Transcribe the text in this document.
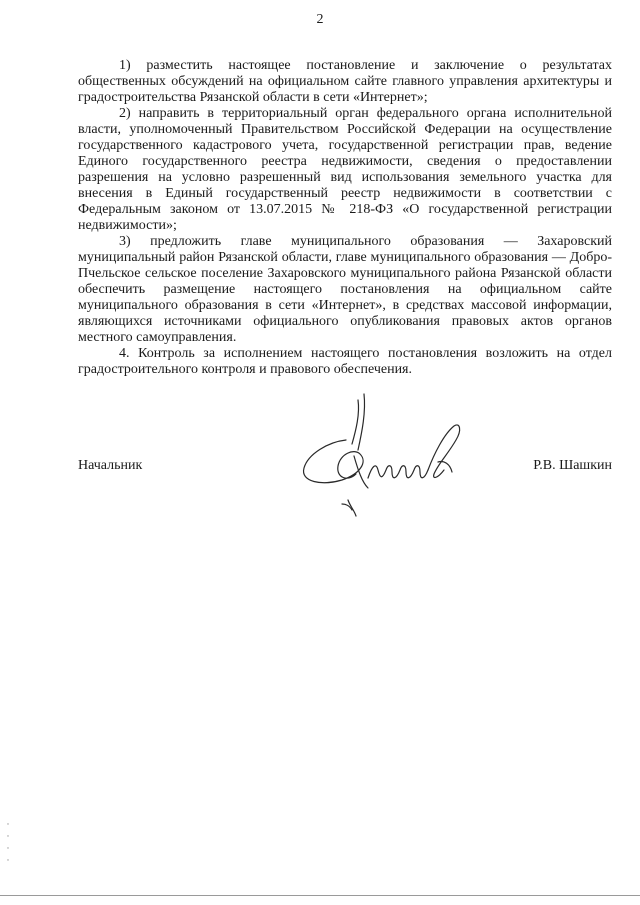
2

1) разместить настоящее постановление и заключение о результатах общественных обсуждений на официальном сайте главного управления архитектуры и градостроительства Рязанской области в сети «Интернет»;

2) направить в территориальный орган федерального органа исполнительной власти, уполномоченный Правительством Российской Федерации на осуществление государственного кадастрового учета, государственной регистрации прав, ведение Единого государственного реестра недвижимости, сведения о предоставлении разрешения на условно разрешенный вид использования земельного участка для внесения в Единый государственный реестр недвижимости в соответствии с Федеральным законом от 13.07.2015 № 218-ФЗ «О государственной регистрации недвижимости»;

3) предложить главе муниципального образования — Захаровский муниципальный район Рязанской области, главе муниципального образования — Добро-Пчельское сельское поселение Захаровского муниципального района Рязанской области обеспечить размещение настоящего постановления на официальном сайте муниципального образования в сети «Интернет», в средствах массовой информации, являющихся источниками официального опубликования правовых актов органов местного самоуправления.

4. Контроль за исполнением настоящего постановления возложить на отдел градостроительного контроля и правового обеспечения.

Начальник	Р.В. Шашкин
